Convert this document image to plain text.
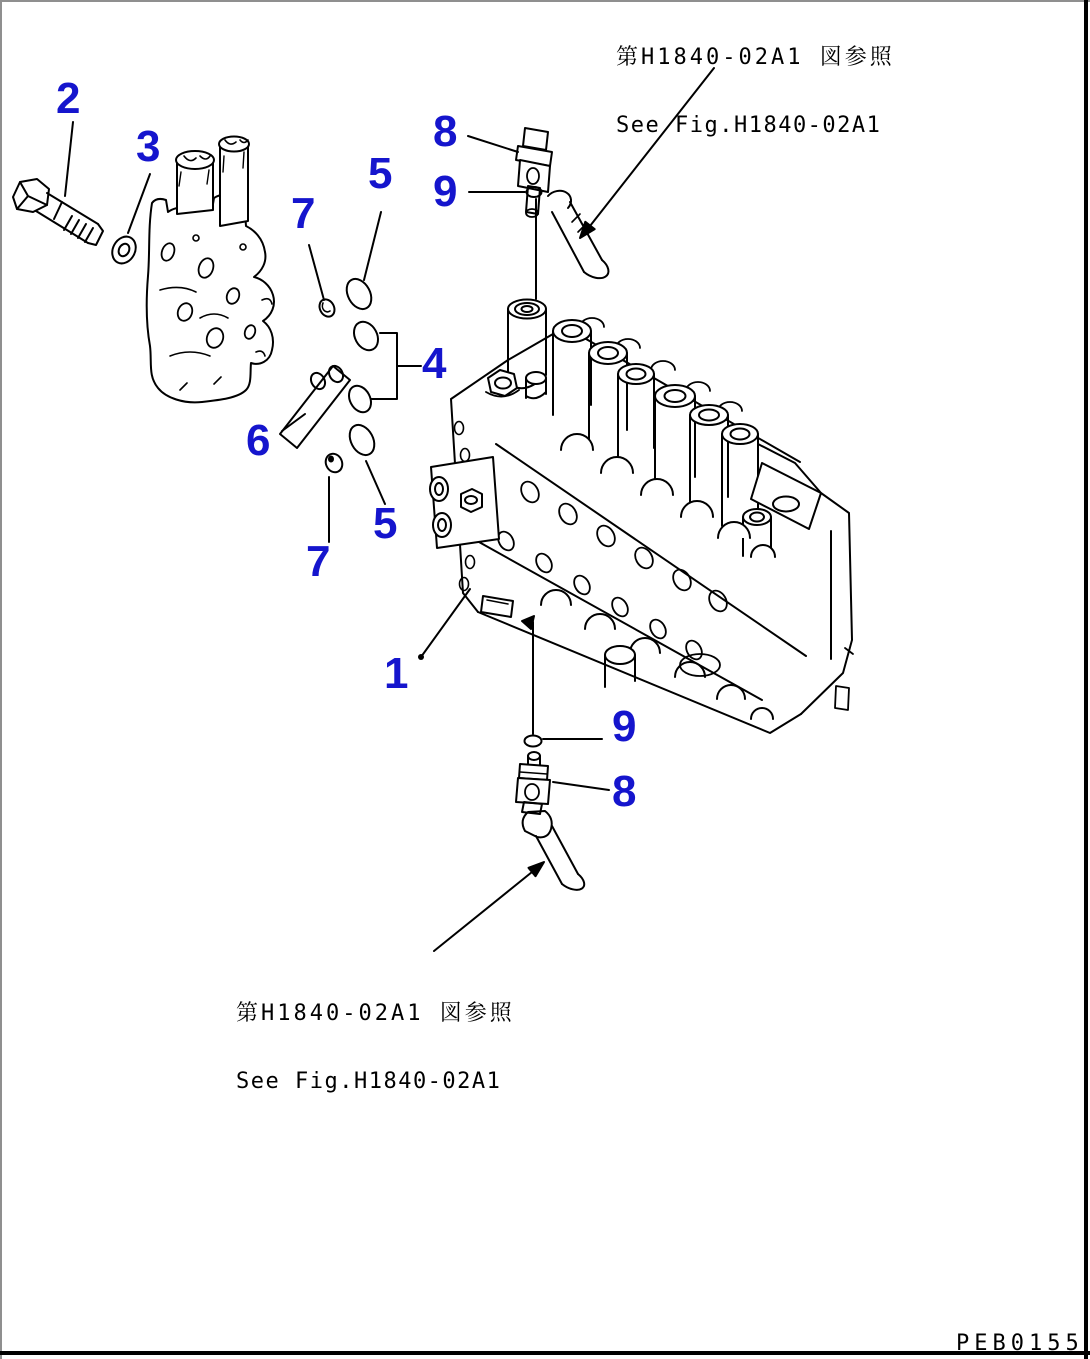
2
3	8
5 9
7
4
6
5
7
1
9
8

第H1840-02A1 図参照

See Fig.H1840-02A1

第H1840-02A1 図参照

See Fig.H1840-02A1

PEB0155
